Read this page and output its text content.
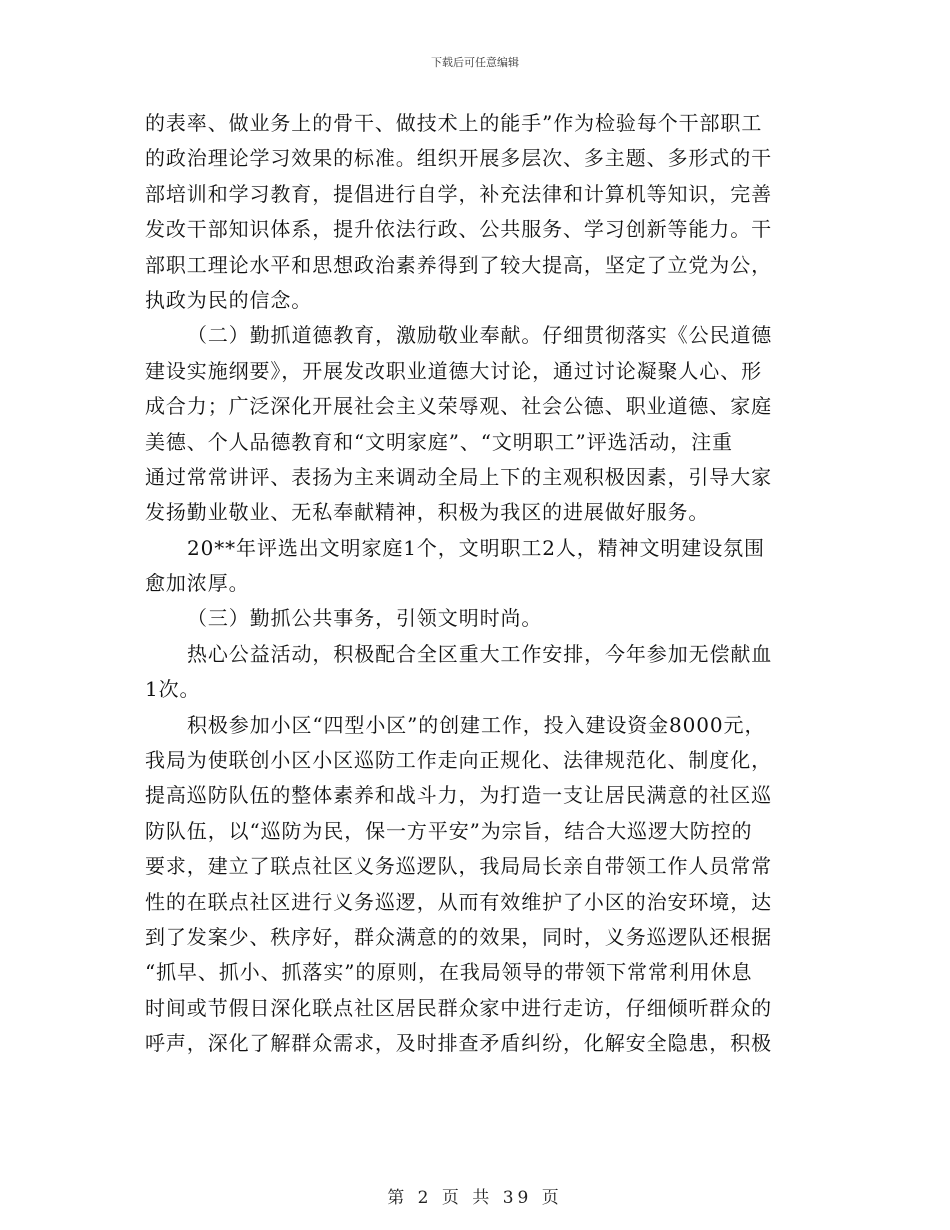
下载后可任意编辑
的表率、做业务上的骨干、做技术上的能手”作为检验每个干部职工
的政治理论学习效果的标准。组织开展多层次、多主题、多形式的干
部培训和学习教育，提倡进行自学，补充法律和计算机等知识，完善
发改干部知识体系，提升依法行政、公共服务、学习创新等能力。干
部职工理论水平和思想政治素养得到了较大提高，坚定了立党为公，
执政为民的信念。
（二）勤抓道德教育，激励敬业奉献。仔细贯彻落实《公民道德
建设实施纲要》，开展发改职业道德大讨论，通过讨论凝聚人心、形
成合力；广泛深化开展社会主义荣辱观、社会公德、职业道德、家庭
美德、个人品德教育和“文明家庭”、“文明职工”评选活动，注重
通过常常讲评、表扬为主来调动全局上下的主观积极因素，引导大家
发扬勤业敬业、无私奉献精神，积极为我区的进展做好服务。
20**年评选出文明家庭1个，文明职工2人，精神文明建设氛围
愈加浓厚。
（三）勤抓公共事务，引领文明时尚。
热心公益活动，积极配合全区重大工作安排，今年参加无偿献血
1次。
积极参加小区“四型小区”的创建工作，投入建设资金8000元，
我局为使联创小区小区巡防工作走向正规化、法律规范化、制度化，
提高巡防队伍的整体素养和战斗力，为打造一支让居民满意的社区巡
防队伍，以“巡防为民，保一方平安”为宗旨，结合大巡逻大防控的
要求，建立了联点社区义务巡逻队，我局局长亲自带领工作人员常常
性的在联点社区进行义务巡逻，从而有效维护了小区的治安环境，达
到了发案少、秩序好，群众满意的的效果，同时，义务巡逻队还根据
“抓早、抓小、抓落实”的原则，在我局领导的带领下常常利用休息
时间或节假日深化联点社区居民群众家中进行走访，仔细倾听群众的
呼声，深化了解群众需求，及时排查矛盾纠纷，化解安全隐患，积极
第 2 页 共 39 页
